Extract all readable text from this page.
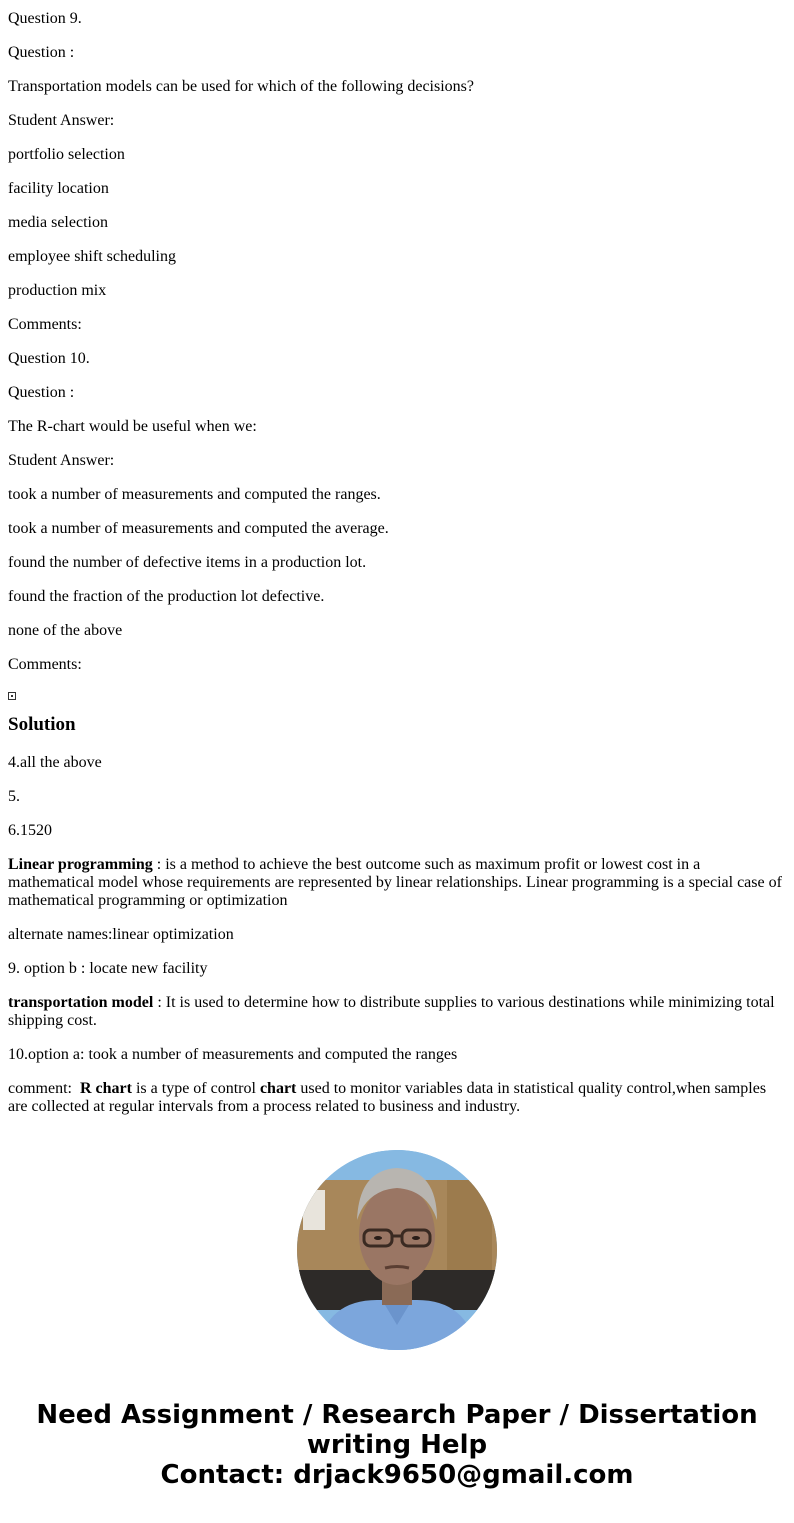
Question 9.

Question :

Transportation models can be used for which of the following decisions?

Student Answer:

portfolio selection

facility location

media selection

employee shift scheduling

production mix

Comments:

Question 10.

Question :

The R-chart would be useful when we:

Student Answer:

took a number of measurements and computed the ranges.

took a number of measurements and computed the average.

found the number of defective items in a production lot.

found the fraction of the production lot defective.

none of the above

Comments:

Solution

4.all the above

5.

6.1520

Linear programming : is a method to achieve the best outcome such as maximum profit or lowest cost in a mathematical model whose requirements are represented by linear relationships. Linear programming is a special case of mathematical programming or optimization

alternate names:linear optimization

9. option b : locate new facility

transportation model : It is used to determine how to distribute supplies to various destinations while minimizing total shipping cost.

10.option a: took a number of measurements and computed the ranges

comment:  R chart is a type of control chart used to monitor variables data in statistical quality control,when samples are collected at regular intervals from a process related to business and industry.

Need Assignment / Research Paper / Dissertation
writing Help
Contact: drjack9650@gmail.com
